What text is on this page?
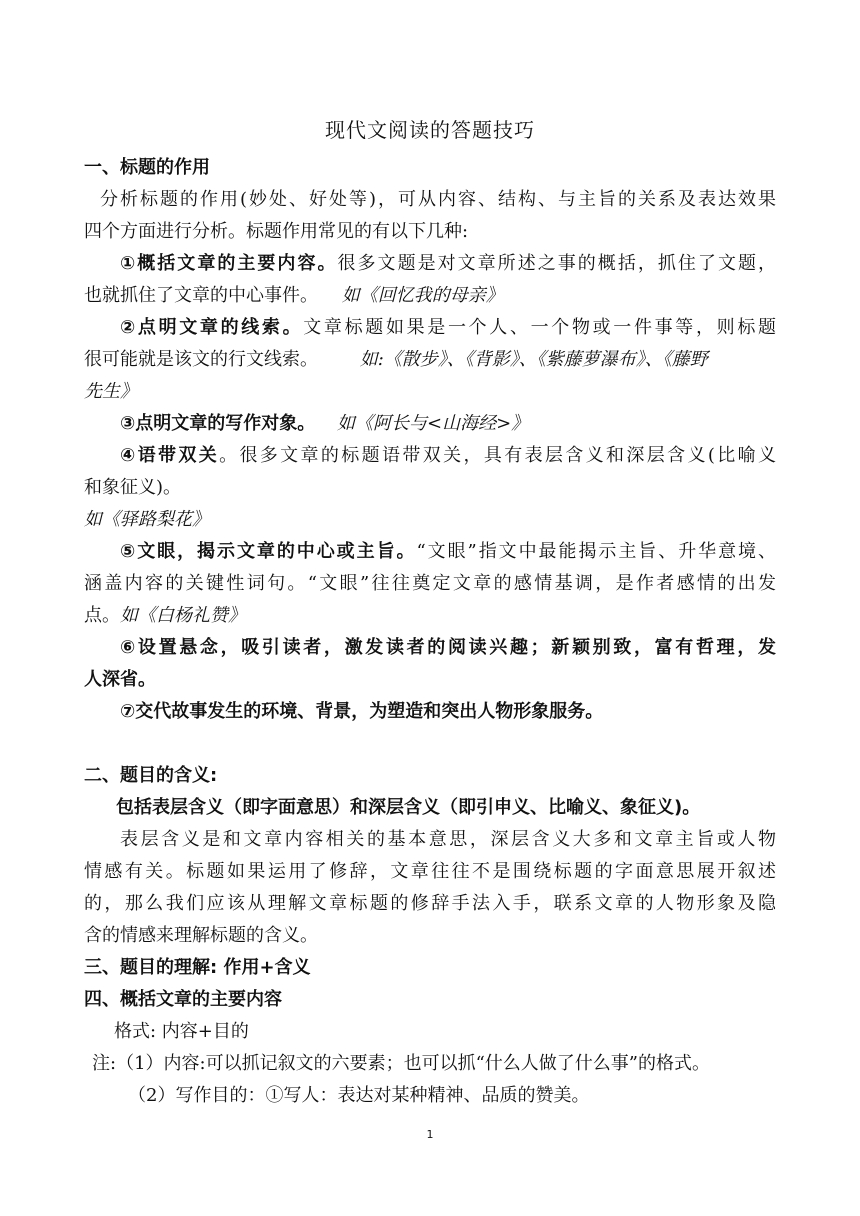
现代文阅读的答题技巧
一、标题的作用
分析标题的作用(妙处、好处等)，可从内容、结构、与主旨的关系及表达效果
四个方面进行分析。标题作用常见的有以下几种:
①概括文章的主要内容。很多文题是对文章所述之事的概括，抓住了文题，
也就抓住了文章的中心事件。 如《回忆我的母亲》
②点明文章的线索。文章标题如果是一个人、一个物或一件事等，则标题
很可能就是该文的行文线索。 如:《散步》、《背影》、《紫藤萝瀑布》、《藤野
先生》
③点明文章的写作对象。 如《阿长与<山海经>》
④语带双关。很多文章的标题语带双关，具有表层含义和深层含义(比喻义
和象征义)。
如《驿路梨花》
⑤文眼，揭示文章的中心或主旨。“文眼”指文中最能揭示主旨、升华意境、
涵盖内容的关键性词句。“文眼”往往奠定文章的感情基调，是作者感情的出发
点。如《白杨礼赞》
⑥设置悬念，吸引读者，激发读者的阅读兴趣；新颖别致，富有哲理，发
人深省。
⑦交代故事发生的环境、背景，为塑造和突出人物形象服务。
二、题目的含义:
包括表层含义（即字面意思）和深层含义（即引申义、比喻义、象征义)。
表层含义是和文章内容相关的基本意思，深层含义大多和文章主旨或人物
情感有关。标题如果运用了修辞，文章往往不是围绕标题的字面意思展开叙述
的，那么我们应该从理解文章标题的修辞手法入手，联系文章的人物形象及隐
含的情感来理解标题的含义。
三、题目的理解: 作用+含义
四、概括文章的主要内容
格式: 内容+目的
注:（1）内容:可以抓记叙文的六要素；也可以抓“什么人做了什么事”的格式。
（2）写作目的：①写人：表达对某种精神、品质的赞美。
1
